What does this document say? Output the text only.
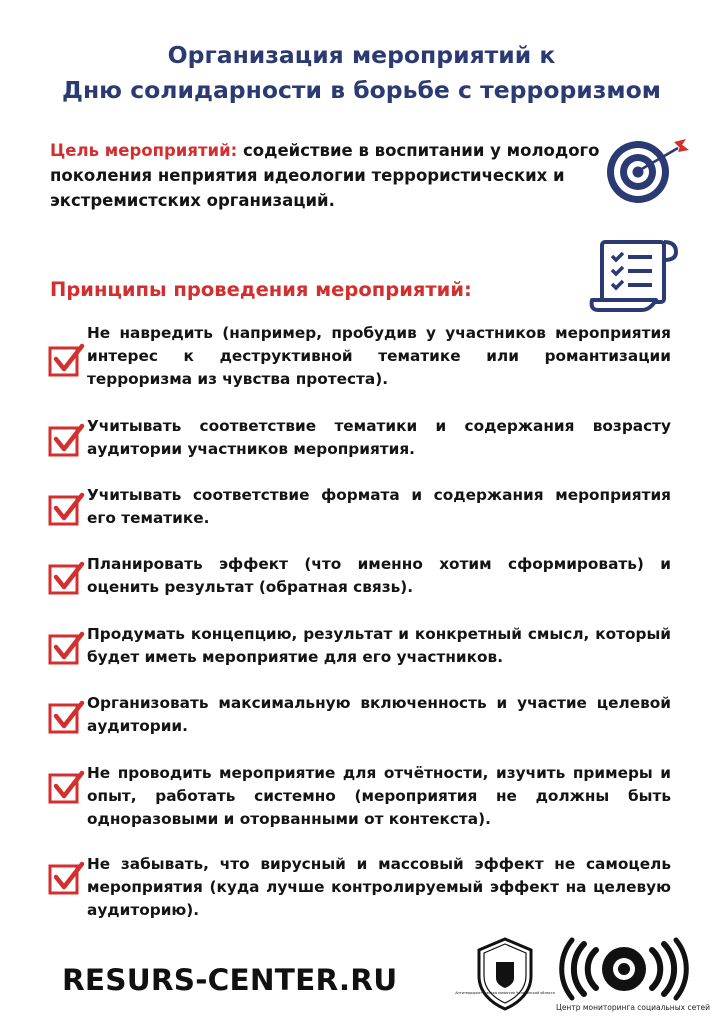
Организация мероприятий к
Дню солидарности в борьбе с терроризмом
Цель мероприятий: содействие в воспитании у молодого поколения неприятия идеологии террористических и экстремистских организаций.
Принципы проведения мероприятий:
Не навредить (например, пробудив у участников мероприятия интерес к деструктивной тематике или романтизации терроризма из чувства протеста).
Учитывать соответствие тематики и содержания возрасту аудитории участников мероприятия.
Учитывать соответствие формата и содержания мероприятия его тематике.
Планировать эффект (что именно хотим сформировать) и оценить результат (обратная связь).
Продумать концепцию, результат и конкретный смысл, который будет иметь мероприятие для его участников.
Организовать максимальную включенность и участие целевой аудитории.
Не проводить мероприятие для отчётности, изучить примеры и опыт, работать системно (мероприятия не должны быть одноразовыми и оторванными от контекста).
Не забывать, что вирусный и массовый эффект не самоцель мероприятия (куда лучше контролируемый эффект на целевую аудиторию).
RESURS-CENTER.RU	Антитеррористическая комиссия Челябинской области
Центр мониторинга социальных сетей
